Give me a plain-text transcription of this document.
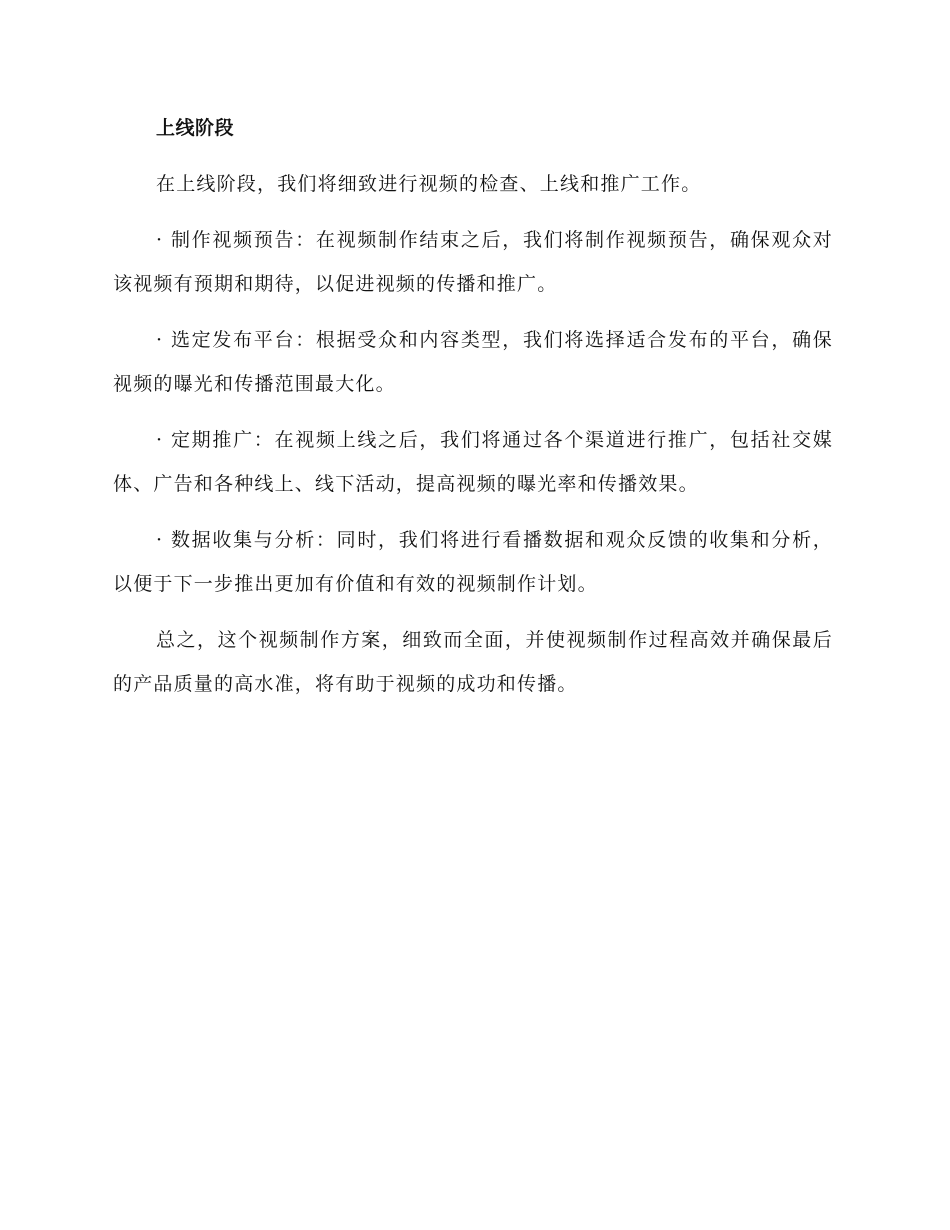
上线阶段

在上线阶段，我们将细致进行视频的检查、上线和推广工作。

· 制作视频预告：在视频制作结束之后，我们将制作视频预告，确保观众对该视频有预期和期待，以促进视频的传播和推广。

· 选定发布平台：根据受众和内容类型，我们将选择适合发布的平台，确保视频的曝光和传播范围最大化。

· 定期推广：在视频上线之后，我们将通过各个渠道进行推广，包括社交媒体、广告和各种线上、线下活动，提高视频的曝光率和传播效果。

· 数据收集与分析：同时，我们将进行看播数据和观众反馈的收集和分析，以便于下一步推出更加有价值和有效的视频制作计划。

总之，这个视频制作方案，细致而全面，并使视频制作过程高效并确保最后的产品质量的高水准，将有助于视频的成功和传播。
